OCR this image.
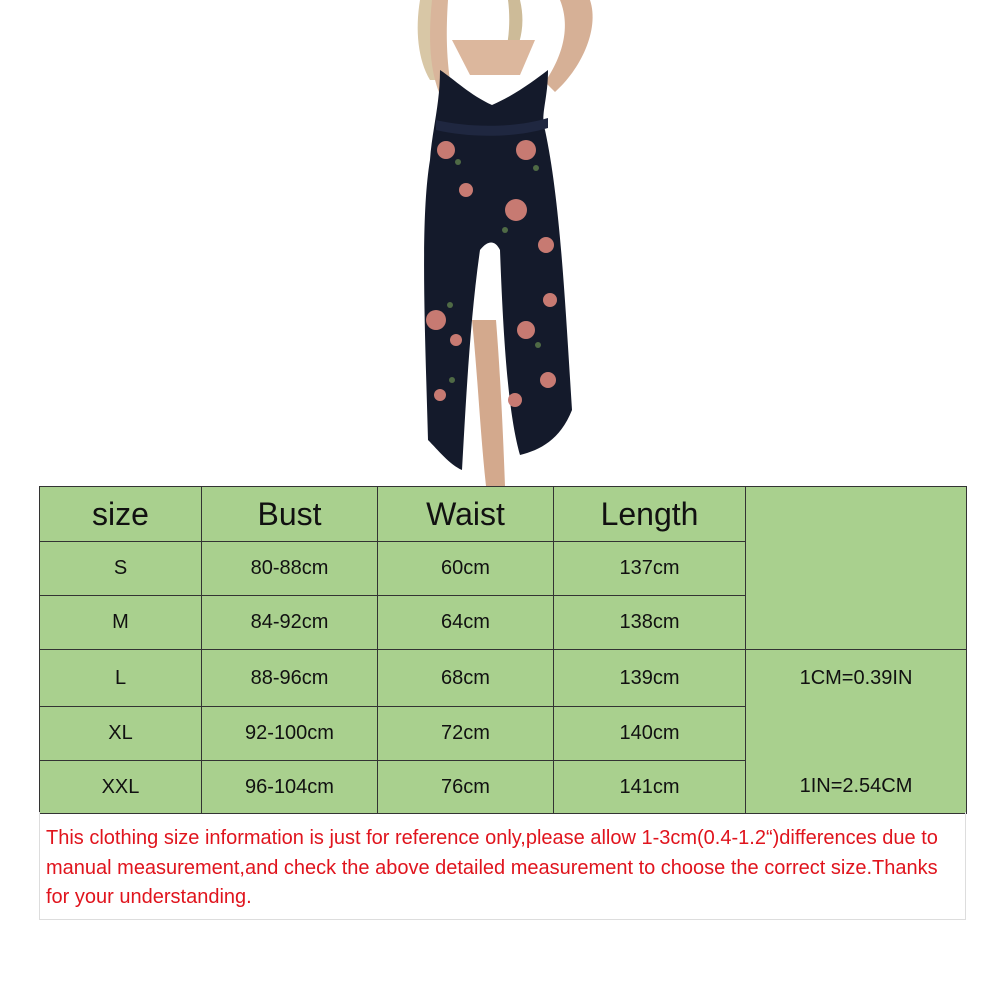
size	Bust	Waist	Length	
S	80-88cm	60cm	137cm	
M	84-92cm	64cm	138cm	
L	88-96cm	68cm	139cm	1CM=0.39IN
XL	92-100cm	72cm	140cm	
XXL	96-104cm	76cm	141cm	1IN=2.54CM
This clothing size information is just for reference only,please allow 1-3cm(0.4-1.2“)differences due to manual measurement,and check the above detailed measurement to choose the correct size.Thanks for your understanding.
